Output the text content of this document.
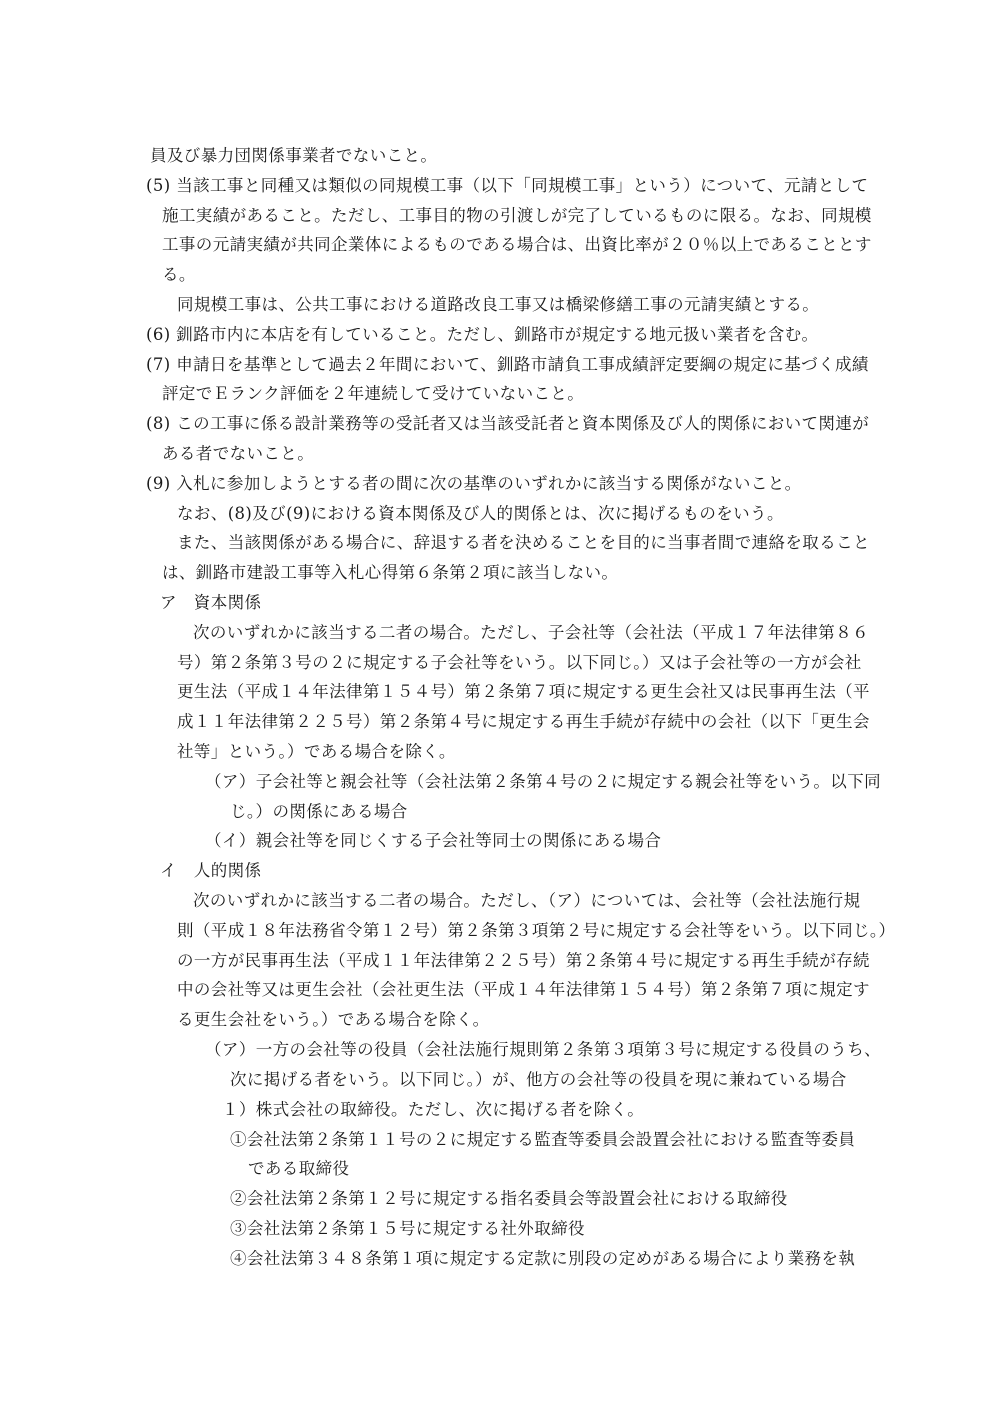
員及び暴力団関係事業者でないこと。
(5) 当該工事と同種又は類似の同規模工事（以下「同規模工事」という）について、元請として
施工実績があること。ただし、工事目的物の引渡しが完了しているものに限る。なお、同規模
工事の元請実績が共同企業体によるものである場合は、出資比率が２０％以上であることとす
る。
同規模工事は、公共工事における道路改良工事又は橋梁修繕工事の元請実績とする。
(6) 釧路市内に本店を有していること。ただし、釧路市が規定する地元扱い業者を含む。
(7) 申請日を基準として過去２年間において、釧路市請負工事成績評定要綱の規定に基づく成績
評定でＥランク評価を２年連続して受けていないこと。
(8) この工事に係る設計業務等の受託者又は当該受託者と資本関係及び人的関係において関連が
ある者でないこと。
(9) 入札に参加しようとする者の間に次の基準のいずれかに該当する関係がないこと。
なお、(8)及び(9)における資本関係及び人的関係とは、次に掲げるものをいう。
また、当該関係がある場合に、辞退する者を決めることを目的に当事者間で連絡を取ること
は、釧路市建設工事等入札心得第６条第２項に該当しない。
ア　資本関係
次のいずれかに該当する二者の場合。ただし、子会社等（会社法（平成１７年法律第８６
号）第２条第３号の２に規定する子会社等をいう。以下同じ。）又は子会社等の一方が会社
更生法（平成１４年法律第１５４号）第２条第７項に規定する更生会社又は民事再生法（平
成１１年法律第２２５号）第２条第４号に規定する再生手続が存続中の会社（以下「更生会
社等」という。）である場合を除く。
（ア）子会社等と親会社等（会社法第２条第４号の２に規定する親会社等をいう。以下同
じ。）の関係にある場合
（イ）親会社等を同じくする子会社等同士の関係にある場合
イ　人的関係
次のいずれかに該当する二者の場合。ただし、（ア）については、会社等（会社法施行規
則（平成１８年法務省令第１２号）第２条第３項第２号に規定する会社等をいう。以下同じ。）
の一方が民事再生法（平成１１年法律第２２５号）第２条第４号に規定する再生手続が存続
中の会社等又は更生会社（会社更生法（平成１４年法律第１５４号）第２条第７項に規定す
る更生会社をいう。）である場合を除く。
（ア）一方の会社等の役員（会社法施行規則第２条第３項第３号に規定する役員のうち、
次に掲げる者をいう。以下同じ。）が、他方の会社等の役員を現に兼ねている場合
１）株式会社の取締役。ただし、次に掲げる者を除く。
①会社法第２条第１１号の２に規定する監査等委員会設置会社における監査等委員
である取締役
②会社法第２条第１２号に規定する指名委員会等設置会社における取締役
③会社法第２条第１５号に規定する社外取締役
④会社法第３４８条第１項に規定する定款に別段の定めがある場合により業務を執
